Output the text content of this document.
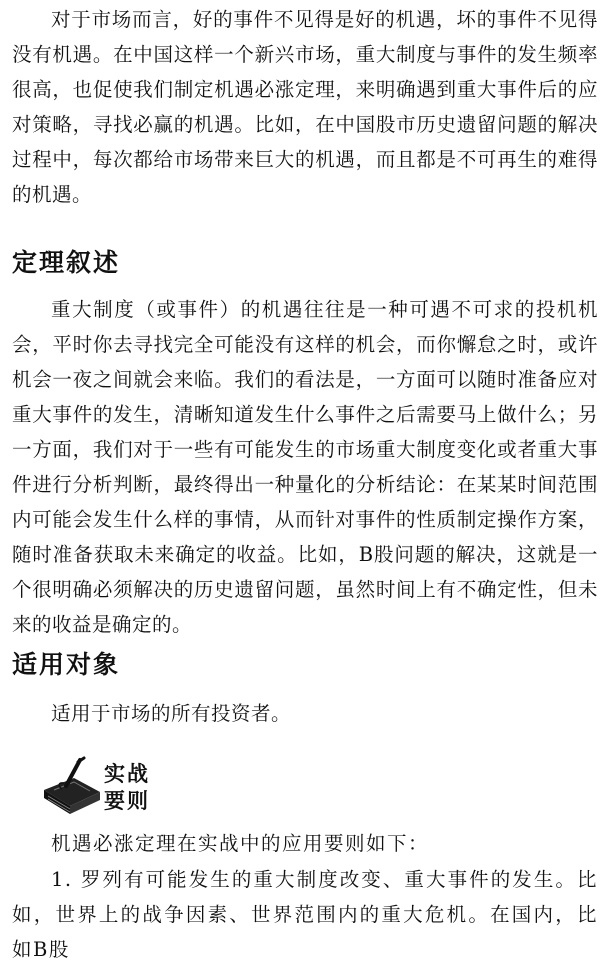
对于市场而言，好的事件不见得是好的机遇，坏的事件不见得没有机遇。在中国这样一个新兴市场，重大制度与事件的发生频率很高，也促使我们制定机遇必涨定理，来明确遇到重大事件后的应对策略，寻找必赢的机遇。比如，在中国股市历史遗留问题的解决过程中，每次都给市场带来巨大的机遇，而且都是不可再生的难得的机遇。

定理叙述

重大制度（或事件）的机遇往往是一种可遇不可求的投机机会，平时你去寻找完全可能没有这样的机会，而你懈怠之时，或许机会一夜之间就会来临。我们的看法是，一方面可以随时准备应对重大事件的发生，清晰知道发生什么事件之后需要马上做什么；另一方面，我们对于一些有可能发生的市场重大制度变化或者重大事件进行分析判断，最终得出一种量化的分析结论：在某某时间范围内可能会发生什么样的事情，从而针对事件的性质制定操作方案，随时准备获取未来确定的收益。比如，B股问题的解决，这就是一个很明确必须解决的历史遗留问题，虽然时间上有不确定性，但未来的收益是确定的。

适用对象

适用于市场的所有投资者。

实战
要则

机遇必涨定理在实战中的应用要则如下：

1. 罗列有可能发生的重大制度改变、重大事件的发生。比如，世界上的战争因素、世界范围内的重大危机。在国内，比如B股
